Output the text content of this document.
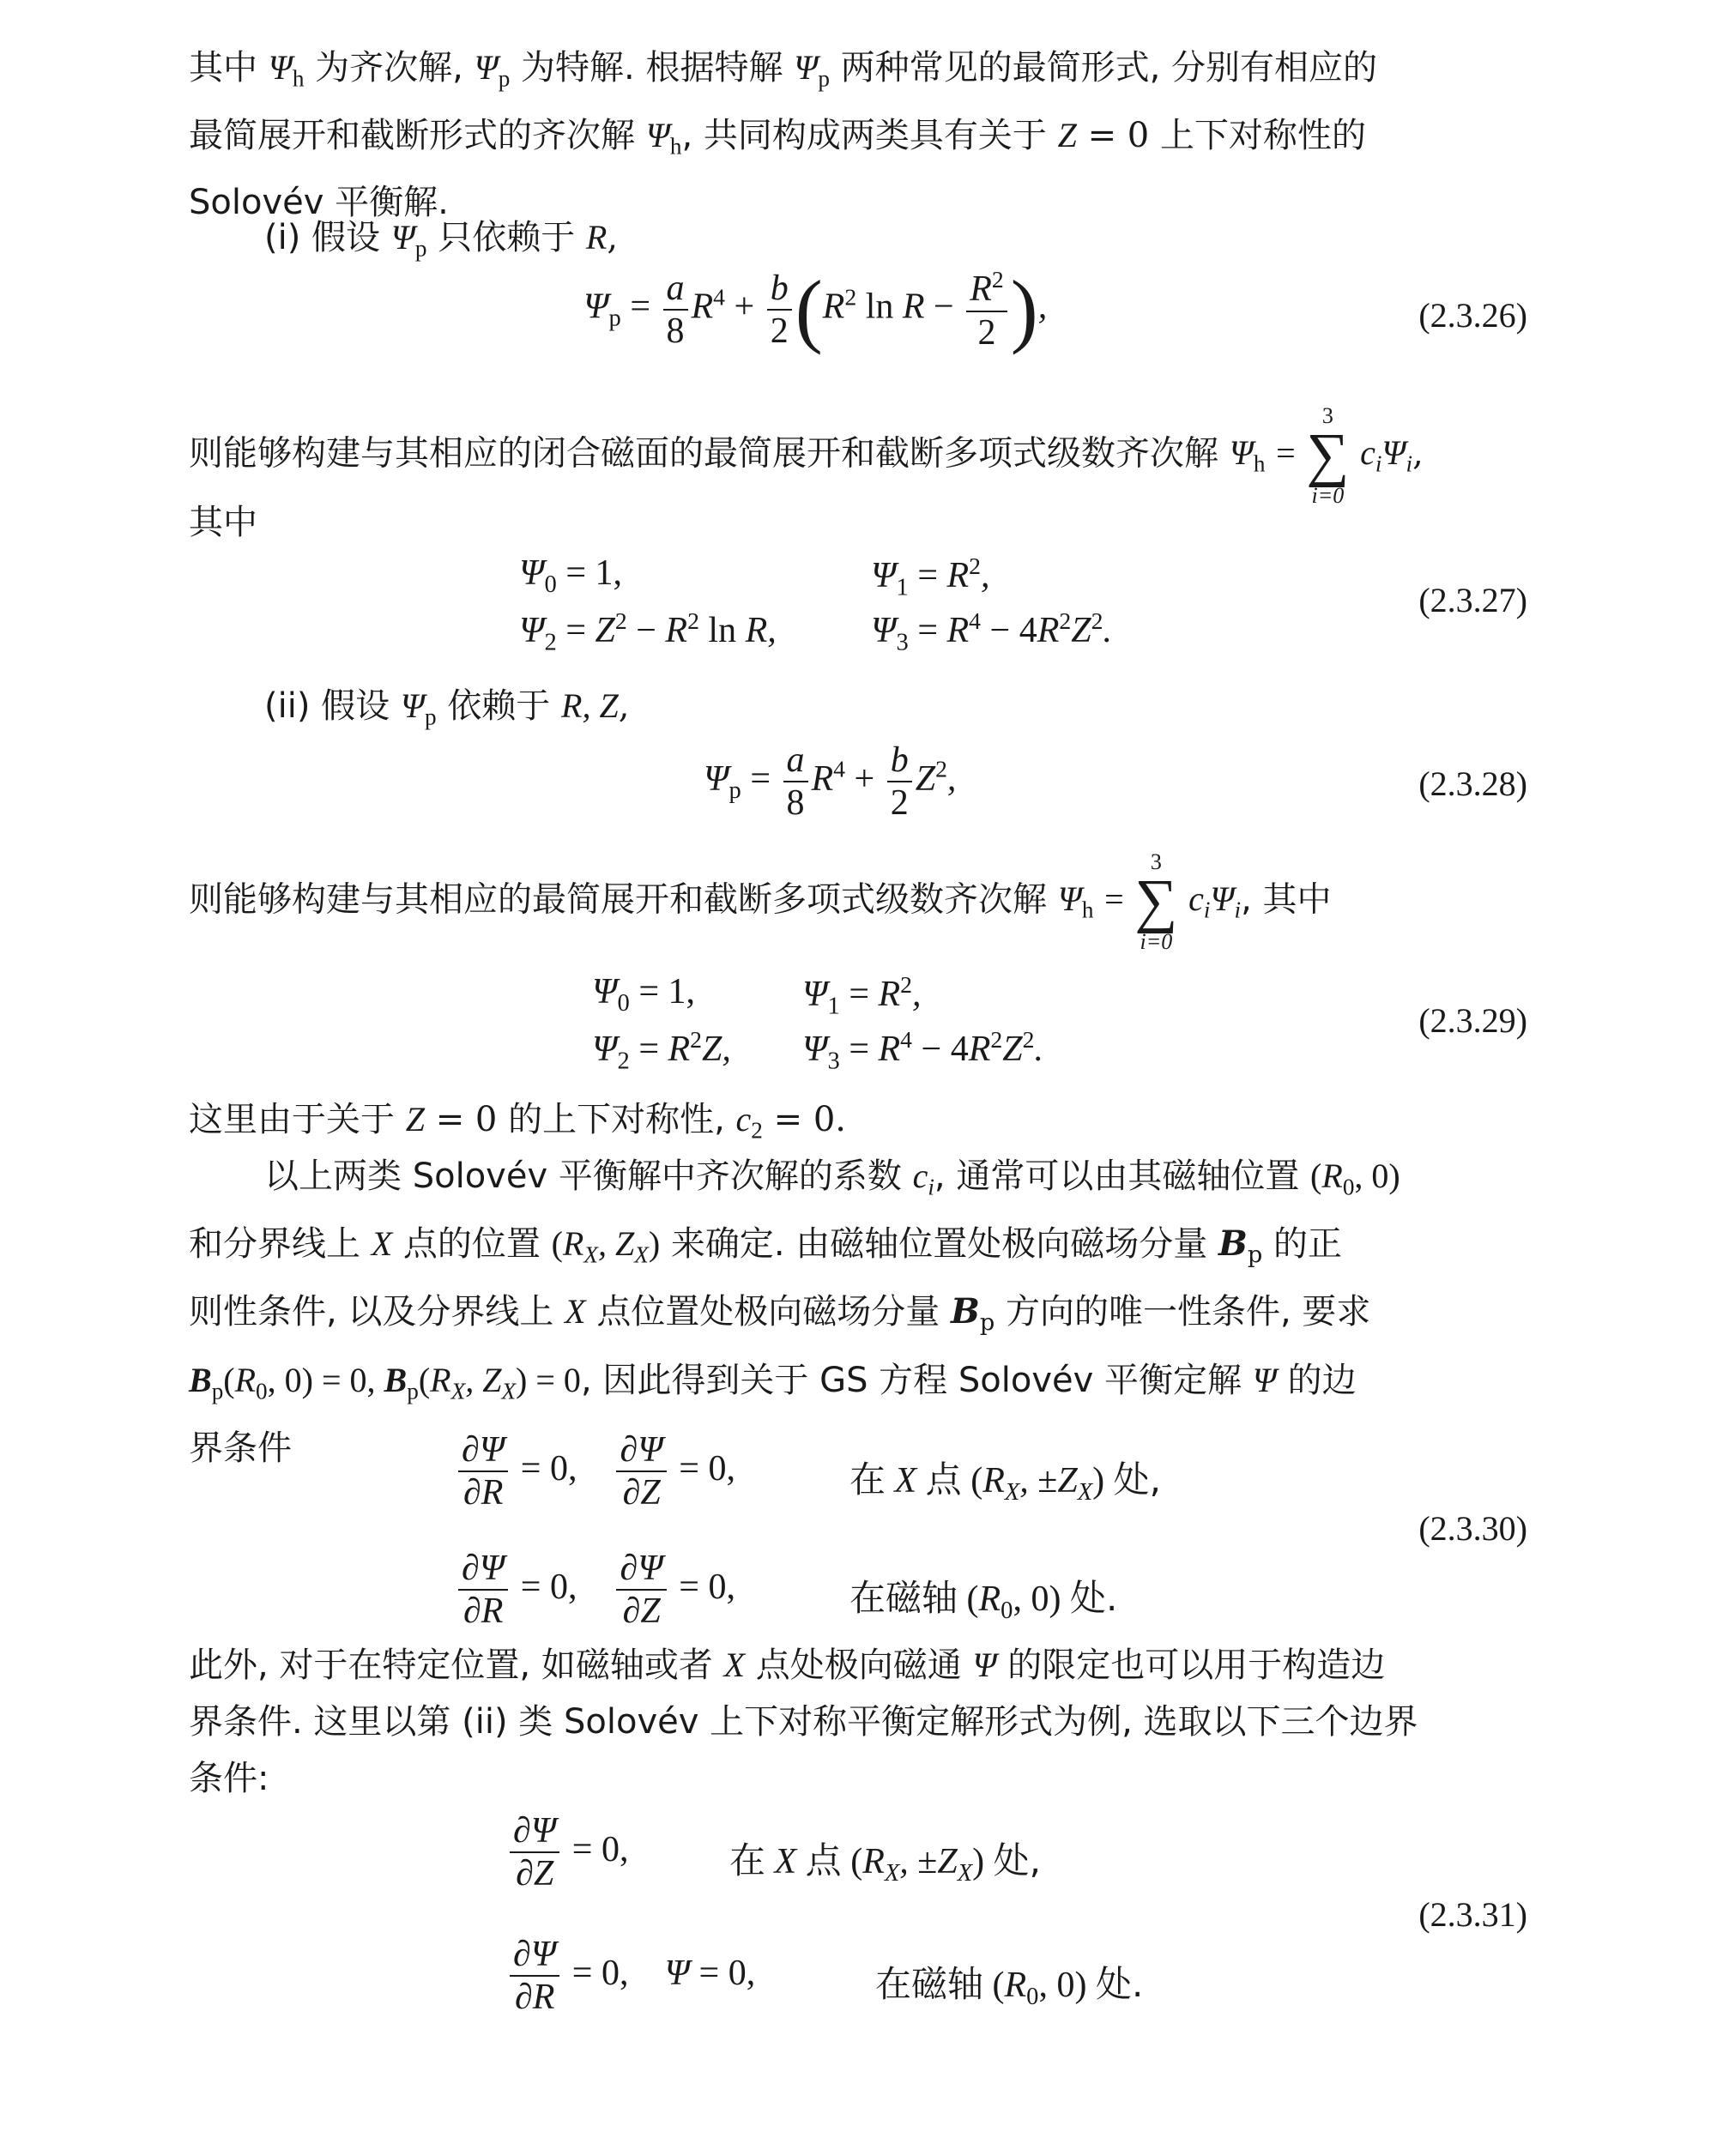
其中 $\Psi_h$ 为齐次解, $\Psi_p$ 为特解. 根据特解 $\Psi_p$ 两种常见的最简形式, 分别有相应的
最简展开和截断形式的齐次解 $\Psi_h$, 共同构成两类具有关于 Z = 0 上下对称性的
Solovév 平衡解.
(i) 假设 $\Psi_p$ 只依赖于 R,
$\Psi_p = \frac{a}{8} R^4 + \frac{b}{2} (R^2$ $\ln R - \frac{R^2}{2}$ ),	(2.3.26)
则能够构建与其相应的闭合磁面的最简展开和截断多项式级数齐次解 $\Psi_h$ =
3
∑
i=0
$c_i\Psi_i$,
其中
$\Psi_0 = 1$,	$\Psi_1 = R^2$,
$\Psi_2 = Z^2 - R^2$ ln R,	$\Psi_3 = R^4 - 4R^2Z^2$.
(2.3.27)
(ii) 假设 $\Psi_p$ 依赖于 R, Z,
$\Psi_p = \frac{a}{8} R^4 + \frac{b}{2} Z^2$,	(2.3.28)
则能够构建与其相应的最简展开和截断多项式级数齐次解 $\Psi_h$ =
3
∑
i=0
$c_i\Psi_i$, 其中
$\Psi_0 = 1$,	$\Psi_1 = R^2$,
$\Psi_2 = R^2Z$, $\Psi_3 = R^4 - 4R^2Z^2$.
(2.3.29)
这里由于关于 Z = 0 的上下对称性, $c_2 = 0$.
以上两类 Solovév 平衡解中齐次解的系数 $c_i$, 通常可以由其磁轴位置 ($R_0$, 0)
和分界线上 X 点的位置 ($R_X$, $Z_X$) 来确定. 由磁轴位置处极向磁场分量 $B_p$ 的正
则性条件, 以及分界线上 X 点位置处极向磁场分量 $B_p$ 方向的唯一性条件, 要求
$B_p(R_0$, 0) = 0, $B_p(R_X$, $Z_X) = 0$, 因此得到关于 GS 方程 Solovév 平衡定解 Ψ 的边
界条件	$\frac{\partial\Psi}{\partial R} = 0$, $\frac{\partial\Psi}{\partial Z} = 0$,	在 X 点 ($R_X$, $\pm Z_X$) 处,
$\frac{\partial\Psi}{\partial R} = 0$, $\frac{\partial\Psi}{\partial Z} = 0$,	在磁轴 ($R_0$, 0) 处.
(2.3.30)
此外, 对于在特定位置, 如磁轴或者 X 点处极向磁通 Ψ 的限定也可以用于构造边
界条件. 这里以第 (ii) 类 Solovév 上下对称平衡定解形式为例, 选取以下三个边界
条件:
$\frac{\partial\Psi}{\partial Z} = 0$,	在 X 点 ($R_X$, $\pm Z_X$) 处,
$\frac{\partial\Psi}{\partial R} = 0$,    Ψ = 0,	在磁轴 ($R_0$, 0) 处.
(2.3.31)
